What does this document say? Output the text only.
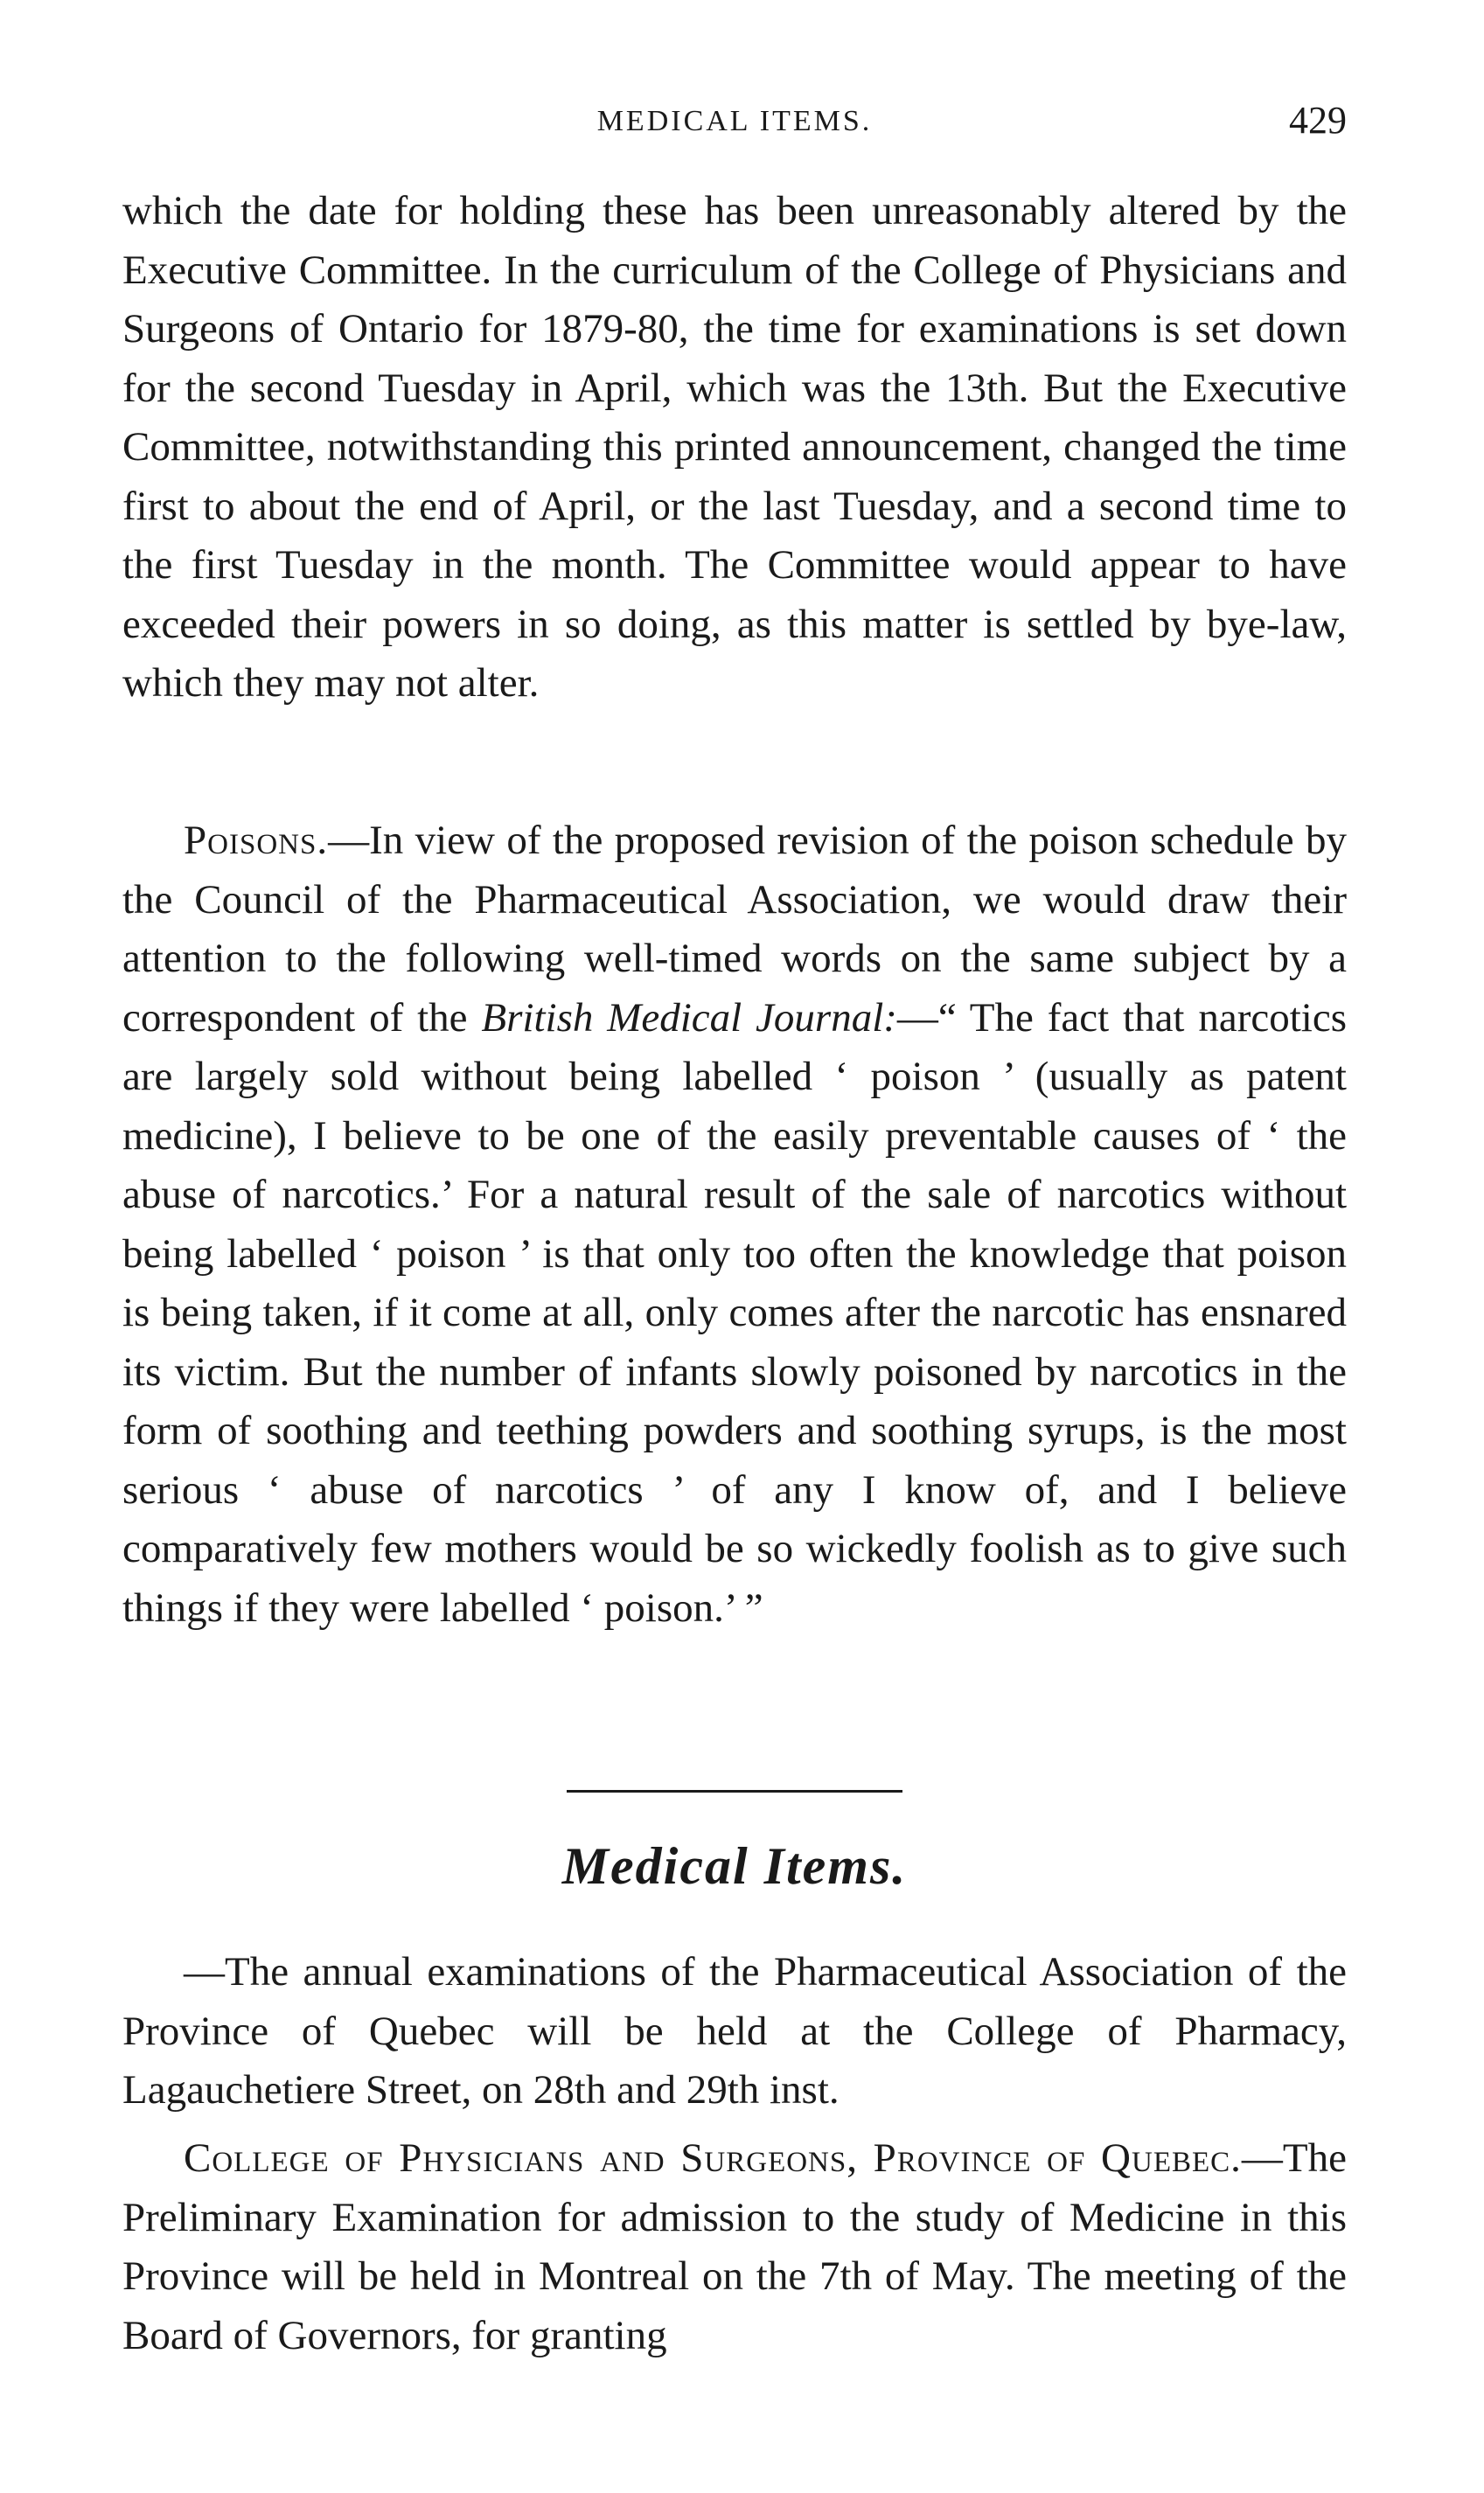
MEDICAL ITEMS.	429

which the date for holding these has been unreasonably altered by the Executive Committee. In the curriculum of the College of Physicians and Surgeons of Ontario for 1879-80, the time for examinations is set down for the second Tuesday in April, which was the 13th. But the Executive Committee, notwithstanding this printed announcement, changed the time first to about the end of April, or the last Tuesday, and a second time to the first Tuesday in the month. The Committee would appear to have exceeded their powers in so doing, as this matter is settled by bye-law, which they may not alter.

Poisons.—In view of the proposed revision of the poison schedule by the Council of the Pharmaceutical Association, we would draw their attention to the following well-timed words on the same subject by a correspondent of the British Medical Journal:—“ The fact that narcotics are largely sold without being labelled ‘ poison ’ (usually as patent medicine), I believe to be one of the easily preventable causes of ‘ the abuse of narcotics.’ For a natural result of the sale of narcotics without being labelled ‘ poison ’ is that only too often the knowledge that poison is being taken, if it come at all, only comes after the narcotic has ensnared its victim. But the number of infants slowly poisoned by narcotics in the form of soothing and teething powders and soothing syrups, is the most serious ‘ abuse of narcotics ’ of any I know of, and I believe comparatively few mothers would be so wickedly foolish as to give such things if they were labelled ‘ poison.’ ”

Medical Items.

—The annual examinations of the Pharmaceutical Association of the Province of Quebec will be held at the College of Pharmacy, Lagauchetiere Street, on 28th and 29th inst.

College of Physicians and Surgeons, Province of Quebec.—The Preliminary Examination for admission to the study of Medicine in this Province will be held in Montreal on the 7th of May. The meeting of the Board of Governors, for granting
